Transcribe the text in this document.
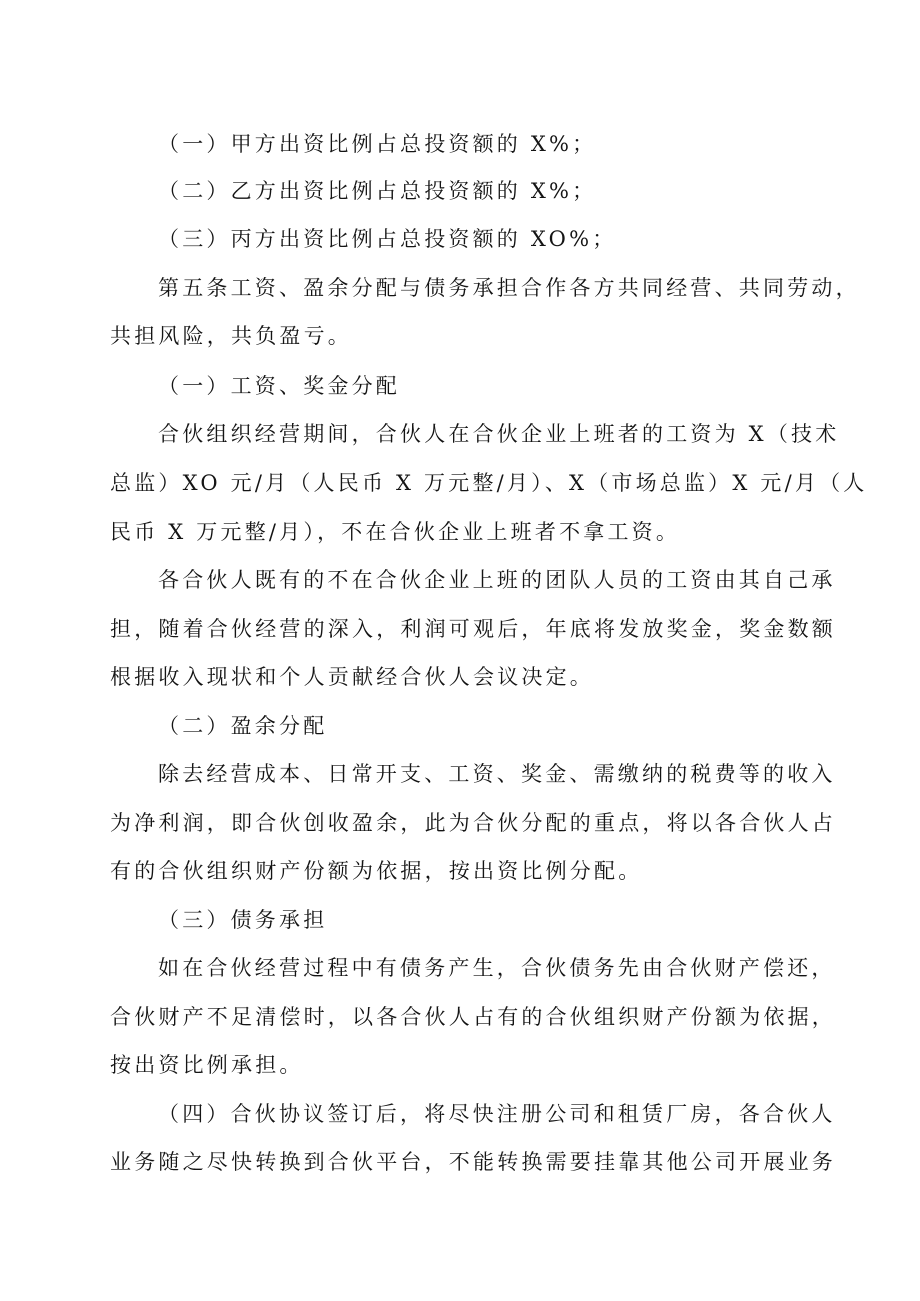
（一）甲方出资比例占总投资额的 X%；
（二）乙方出资比例占总投资额的 X%；
（三）丙方出资比例占总投资额的 XO%；
第五条工资、盈余分配与债务承担合作各方共同经营、共同劳动，
共担风险，共负盈亏。
（一）工资、奖金分配
合伙组织经营期间，合伙人在合伙企业上班者的工资为 X（技术
总监）XO 元/月（人民币 X 万元整/月）、X（市场总监）X 元/月（人
民币 X 万元整/月），不在合伙企业上班者不拿工资。
各合伙人既有的不在合伙企业上班的团队人员的工资由其自己承
担，随着合伙经营的深入，利润可观后，年底将发放奖金，奖金数额
根据收入现状和个人贡献经合伙人会议决定。
（二）盈余分配
除去经营成本、日常开支、工资、奖金、需缴纳的税费等的收入
为净利润，即合伙创收盈余，此为合伙分配的重点，将以各合伙人占
有的合伙组织财产份额为依据，按出资比例分配。
（三）债务承担
如在合伙经营过程中有债务产生，合伙债务先由合伙财产偿还，
合伙财产不足清偿时，以各合伙人占有的合伙组织财产份额为依据，
按出资比例承担。
（四）合伙协议签订后，将尽快注册公司和租赁厂房，各合伙人
业务随之尽快转换到合伙平台，不能转换需要挂靠其他公司开展业务
